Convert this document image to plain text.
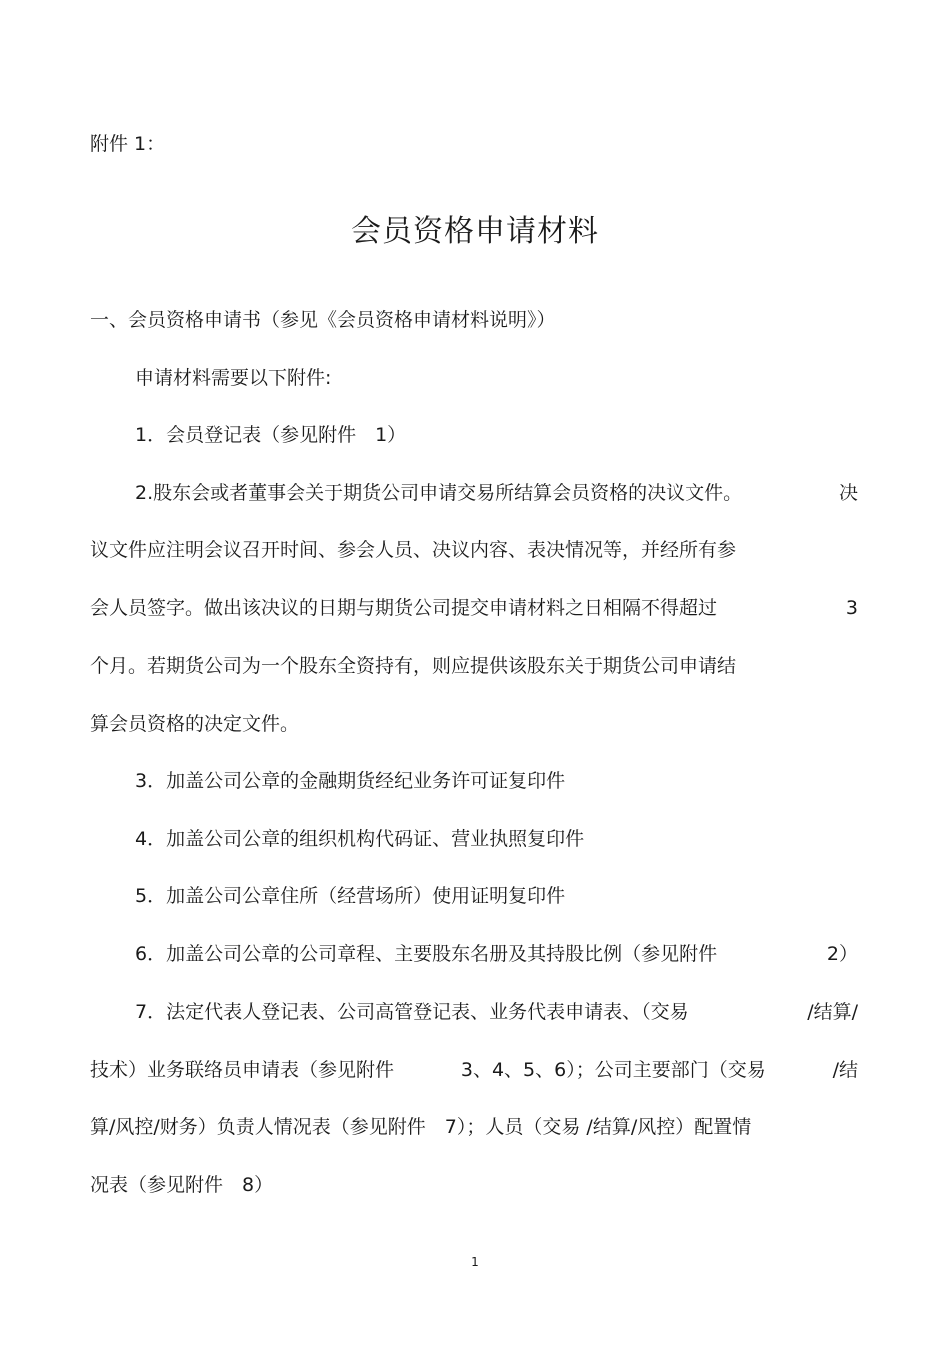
附件 1：
会员资格申请材料
一、会员资格申请书（参见《会员资格申请材料说明》）
申请材料需要以下附件:
1．会员登记表（参见附件　1）
2.股东会或者董事会关于期货公司申请交易所结算会员资格的决议文件。	决
议文件应注明会议召开时间、参会人员、决议内容、表决情况等，并经所有参
会人员签字。做出该决议的日期与期货公司提交申请材料之日相隔不得超过	3
个月。若期货公司为一个股东全资持有，则应提供该股东关于期货公司申请结
算会员资格的决定文件。
3．加盖公司公章的金融期货经纪业务许可证复印件
4．加盖公司公章的组织机构代码证、营业执照复印件
5．加盖公司公章住所（经营场所）使用证明复印件
6．加盖公司公章的公司章程、主要股东名册及其持股比例（参见附件	2）
7．法定代表人登记表、公司高管登记表、业务代表申请表、（交易	/结算/
技术）业务联络员申请表（参见附件	3、4、5、6）；公司主要部门（交易	/结
算/风控/财务）负责人情况表（参见附件　7）；人员（交易 /结算/风控）配置情
况表（参见附件　8）
1
